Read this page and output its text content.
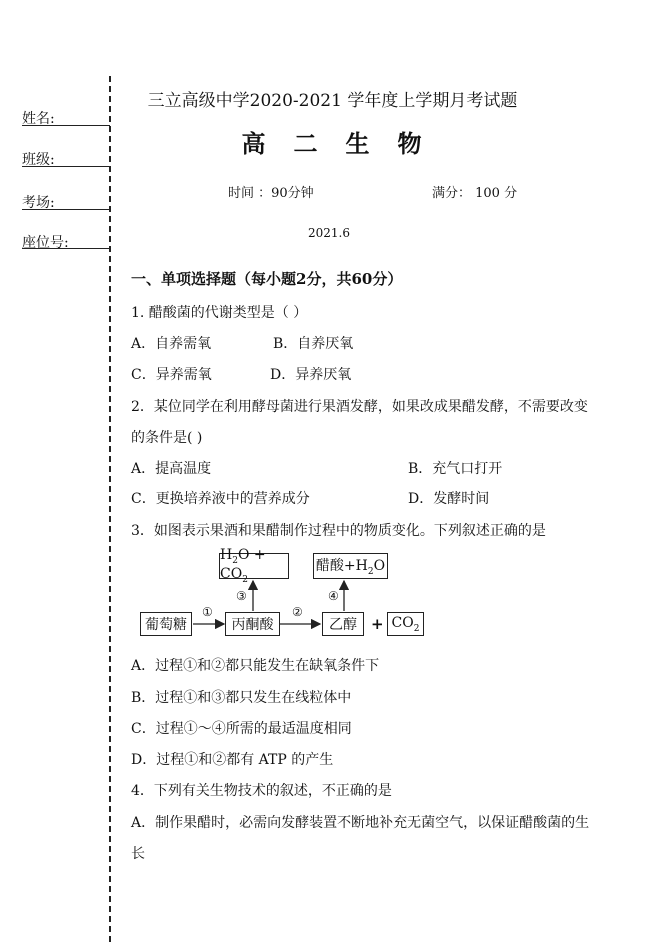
姓名:
班级:
考场:
座位号:
三立高级中学2020-2021 学年度上学期月考试题
高　二　生　物
时间 ：90分钟	满分： 100 分
2021.6
一、单项选择题（每小题2分，共60分）
1. 醋酸菌的代谢类型是（ ）
A．自养需氧	B．自养厌氧
C．异养需氧	D．异养厌氧
2．某位同学在利用酵母菌进行果酒发酵，如果改成果醋发酵，不需要改变
的条件是( )
A．提高温度	B．充气口打开
C．更换培养液中的营养成分	D．发酵时间
3．如图表示果酒和果醋制作过程中的物质变化。下列叙述正确的是
葡萄糖	丙酮酸	乙醇 + $CO_2$
$H_2O + CO_2$
醋酸$+H_2O$
①	②
③	④
A．过程①和②都只能发生在缺氧条件下
B．过程①和③都只发生在线粒体中
C．过程①～④所需的最适温度相同
D．过程①和②都有 ATP 的产生
4．下列有关生物技术的叙述，不正确的是
A．制作果醋时，必需向发酵装置不断地补充无菌空气，以保证醋酸菌的生
长
